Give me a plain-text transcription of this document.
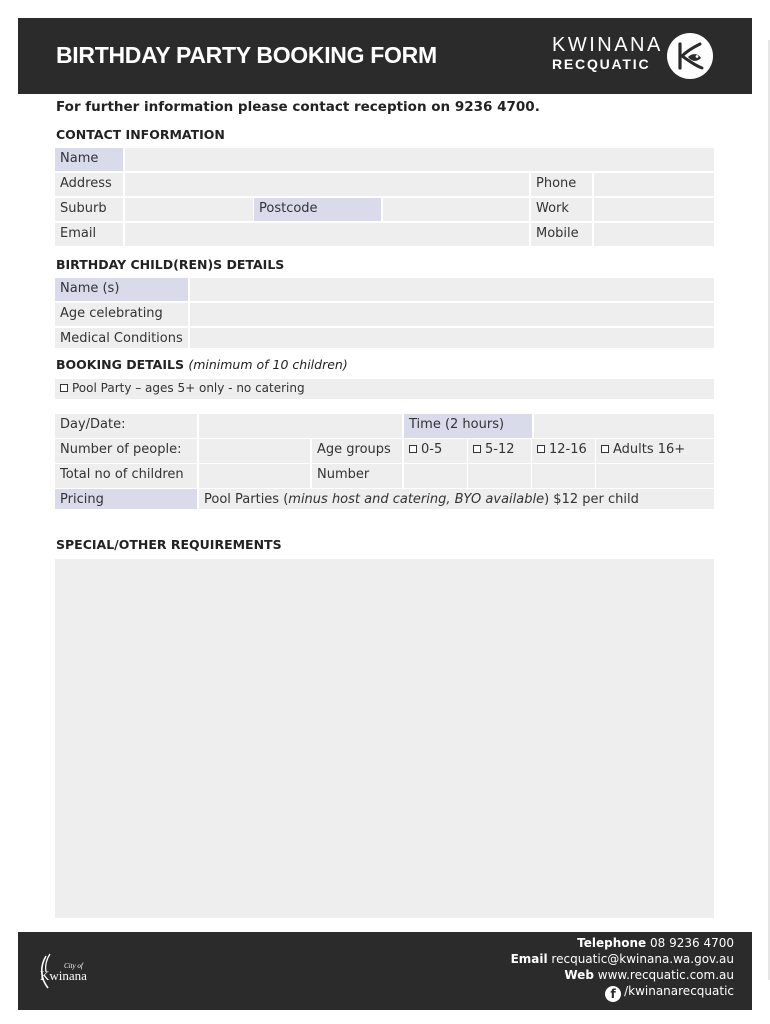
BIRTHDAY PARTY BOOKING FORM	KWINANA
RECQUATIC
For further information please contact reception on 9236 4700.
CONTACT INFORMATION
Name
Address	Phone
Suburb	Postcode	Work
Email	Mobile
BIRTHDAY CHILD(REN)S DETAILS
Name (s)
Age celebrating
Medical Conditions
BOOKING DETAILS (minimum of 10 children)
Pool Party – ages 5+ only - no catering
Day/Date:	Time (2 hours)
Number of people:	Age groups	0-5	5-12	12-16	Adults 16+
Total no of children	Number
Pricing	Pool Parties (minus host and catering, BYO available) $12 per child
SPECIAL/OTHER REQUIREMENTS
City of
Kwinana
Telephone 08 9236 4700
Email recquatic@kwinana.wa.gov.au
Web www.recquatic.com.au
f /kwinanarecquatic
